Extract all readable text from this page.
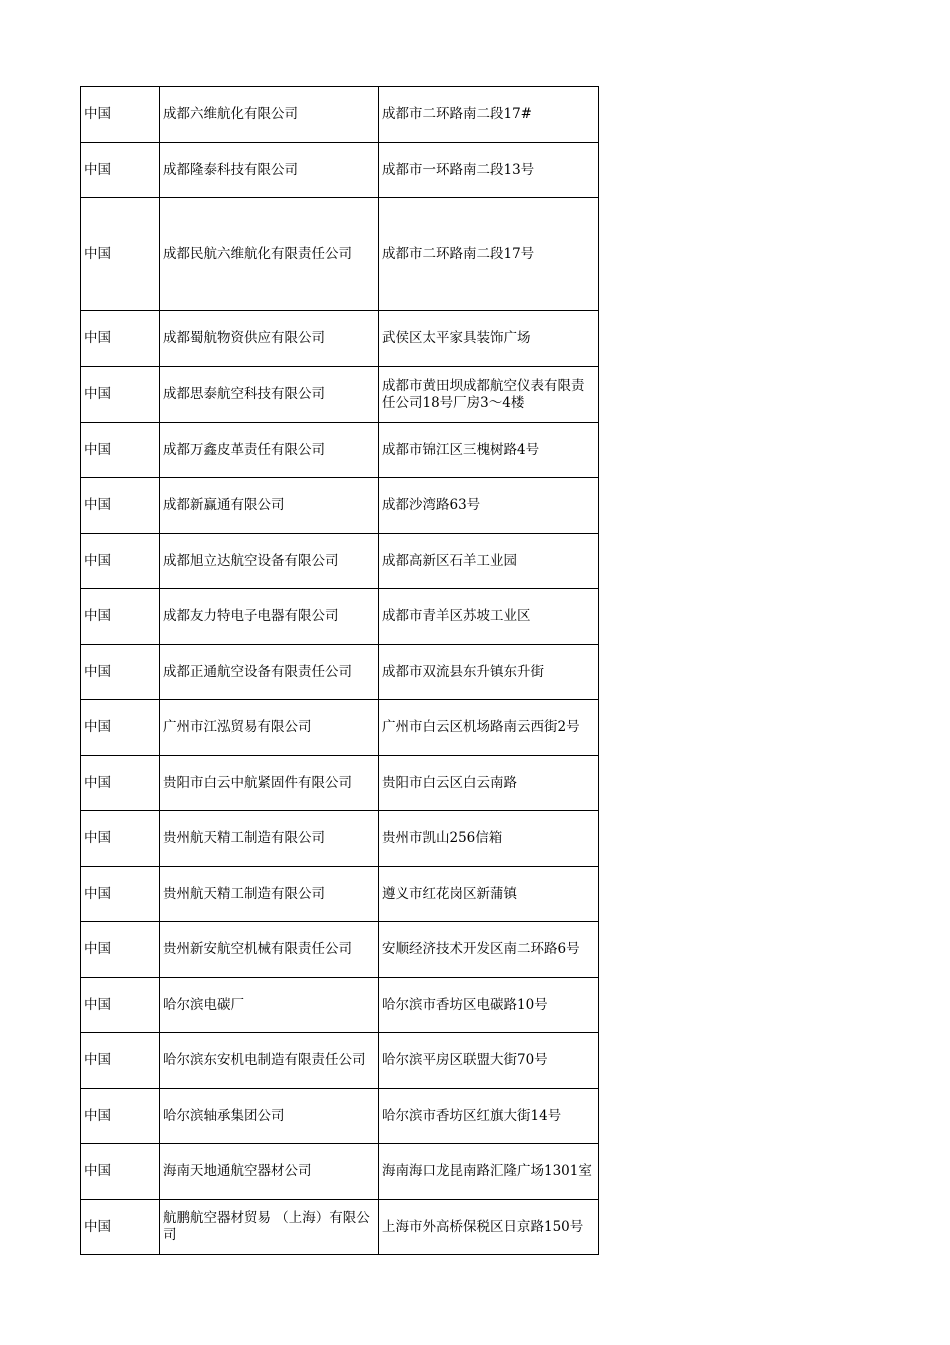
中国	成都六维航化有限公司	成都市二环路南二段17#
中国	成都隆泰科技有限公司	成都市一环路南二段13号
中国	成都民航六维航化有限责任公司	成都市二环路南二段17号
中国	成都蜀航物资供应有限公司	武侯区太平家具装饰广场
中国	成都思泰航空科技有限公司	成都市黄田坝成都航空仪表有限责任公司18号厂房3～4楼
中国	成都万鑫皮革责任有限公司	成都市锦江区三槐树路4号
中国	成都新赢通有限公司	成都沙湾路63号
中国	成都旭立达航空设备有限公司	成都高新区石羊工业园
中国	成都友力特电子电器有限公司	成都市青羊区苏坡工业区
中国	成都正通航空设备有限责任公司	成都市双流县东升镇东升街
中国	广州市江泓贸易有限公司	广州市白云区机场路南云西街2号
中国	贵阳市白云中航紧固件有限公司	贵阳市白云区白云南路
中国	贵州航天精工制造有限公司	贵州市凯山256信箱
中国	贵州航天精工制造有限公司	遵义市红花岗区新蒲镇
中国	贵州新安航空机械有限责任公司	安顺经济技术开发区南二环路6号
中国	哈尔滨电碳厂	哈尔滨市香坊区电碳路10号
中国	哈尔滨东安机电制造有限责任公司	哈尔滨平房区联盟大街70号
中国	哈尔滨轴承集团公司	哈尔滨市香坊区红旗大街14号
中国	海南天地通航空器材公司	海南海口龙昆南路汇隆广场1301室
中国	航鹏航空器材贸易 （上海）有限公司	上海市外高桥保税区日京路150号
